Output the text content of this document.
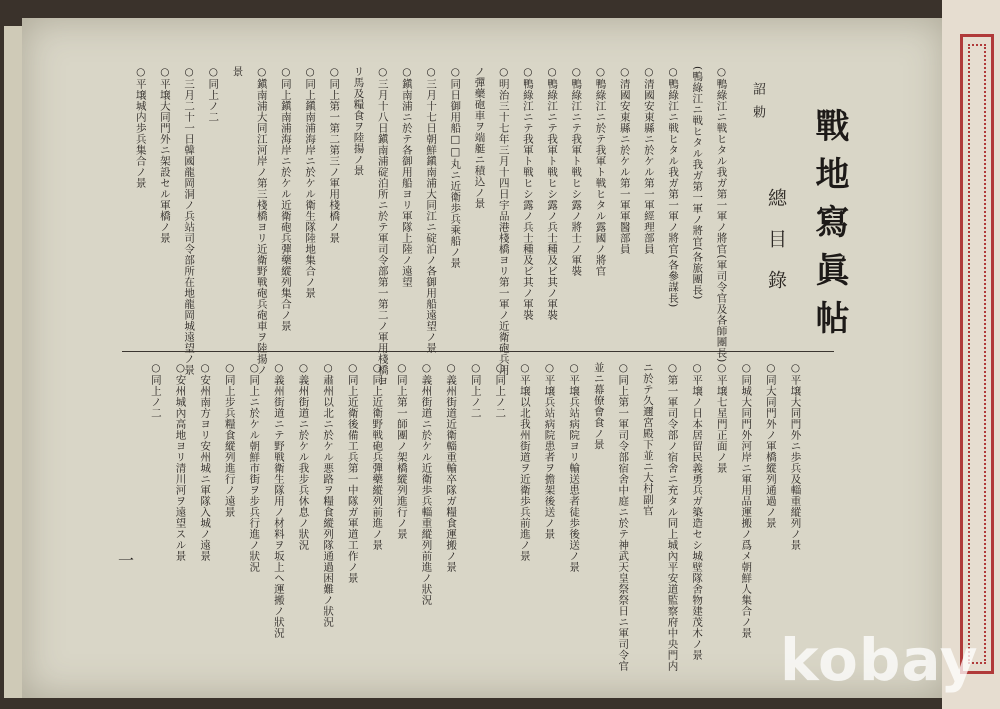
戰地寫眞帖
總目錄
詔勅
○鴨綠江ニ戦ヒタル我ガ第一軍ノ將官(軍司令官及各師團長)
(鴨綠江ニ戦ヒタル我ガ第一軍ノ將官(各旅團長)
○鴨綠江ニ戦ヒタル我ガ第一軍ノ將官(各參謀長)
○清國安東縣ニ於ケル第一軍經理部員
○清國安東縣ニ於ケル第一軍軍醫部員
○鴨綠江ニ於テ我軍ト戦ヒタル露國ノ將官
○鴨綠江ニテ我軍ト戦ヒシ露ノ將士ノ軍裝
○鴨綠江ニテ我軍ト戦ヒシ露ノ兵士種及ビ其ノ軍裝
○鴨綠江ニテ我軍ト戦ヒシ露ノ兵士種及ビ其ノ軍裝
○明治三十七年三月十四日宇品港棧橋ヨリ第一軍ノ近衛砲兵用
ノ彈藥砲車ヲ端艇ニ積込ノ景
○同日御用船□□丸ニ近衛歩兵乘船ノ景
○三月十七日朝鮮鎭南浦大同江ニ碇泊ノ各御用船遠望ノ景
○鎭南浦ニ於テ各御用船ヨリ軍隊上陸ノ遠望
○三月十八日鎭南浦碇泊所ニ於テ軍司令部第一第二ノ軍用棧橋ヨ
リ馬及糧食ヲ陸揚ノ景
○同上第一第二第三ノ軍用棧橋ノ景
○同上鎭南浦海岸ニ於ケル衛生隊陸地集合ノ景
○同上鎭南浦海岸ニ於ケル近衛砲兵彈藥縱列集合ノ景
○鎭南浦大同江河岸ノ第三棧橋ヨリ近衛野戦砲兵砲車ヲ陸揚ノ
景
○同上ノ二
○三月二十一日韓國龍岡洞ノ兵站司令部所在地龍岡城遠望ノ景
○平壌大同門外ニ架設セル軍橋ノ景
○平壌城内歩兵集合ノ景
○平壌大同門外ニ歩兵及輜重縱列ノ景
○同大同門外ノ軍橋縱列通過ノ景
○同城大同門外河岸ニ軍用品運搬ノ爲メ朝鮮人集合ノ景
○平壌七星門正面ノ景
○平壌ノ日本居留民義勇兵ガ築造セシ城壁隊舍物建茂木ノ景
○第一軍司令部ノ宿舍ニ充タル同上城內平安道監察府中央門内
ニ於テ久邇宮殿下並ニ大村副官
○同上第一軍司令部宿舍中庭ニ於テ神武天皇祭祭日ニ軍司令官
並ニ幕僚會食ノ景
○平壌兵站病院ヨリ輸送患者徒歩後送ノ景
○平壌兵站病院患者ヲ擔架後送ノ景
○平壌以北我州街道ヲ近衛歩兵前進ノ景
○同上ノ二
○同上ノ二
○義州街道近衛輜重輸卒隊ガ糧食運搬ノ景
○義州街道ニ於ケル近衛歩兵輜重縱列前進ノ狀況
○同上第一師團ノ架橋縱列進行ノ景
○同上近衛野戦砲兵彈藥縱列前進ノ景
○同上近衛後備工兵第一中隊ガ軍道工作ノ景
○肅州以北ニ於ケル悪路ヲ糧食縱列隊通過困難ノ狀況
○義州街道ニ於ケル我步兵休息ノ狀況
○義州街道ニテ野戦衛生隊用ノ材料ヲ坂上ヘ運搬ノ狀況
○同上ニ於ケル朝鮮市街ヲ步兵行進ノ狀況
○同上步兵糧食縱列進行ノ遠景
○安州南方ヨリ安州城ニ軍隊入城ノ遠景
○安州城內高地ヨリ清川河ヲ遠望スル景
○同上ノ二
一
kobay
